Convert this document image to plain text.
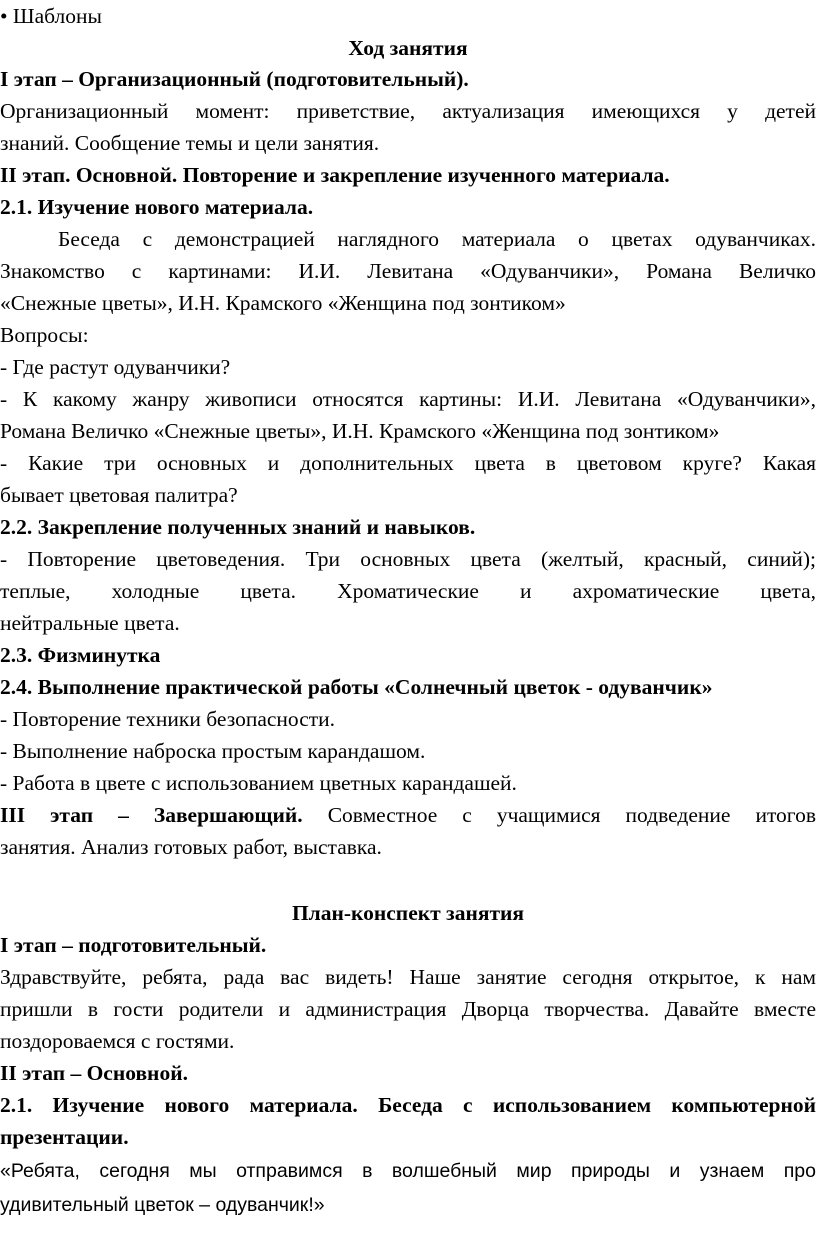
• Шаблоны
Ход занятия
I этап – Организационный (подготовительный).
Организационный момент: приветствие, актуализация имеющихся у детей
знаний. Сообщение темы и цели занятия.
II этап. Основной. Повторение и закрепление изученного материала.
2.1. Изучение нового материала.
Беседа с демонстрацией наглядного материала о цветах одуванчиках.
Знакомство с картинами: И.И. Левитана «Одуванчики», Романа Величко
«Снежные цветы», И.Н. Крамского «Женщина под зонтиком»
Вопросы:
- Где растут одуванчики?
- К какому жанру живописи относятся картины: И.И. Левитана «Одуванчики»,
Романа Величко «Снежные цветы», И.Н. Крамского «Женщина под зонтиком»
- Какие три основных и дополнительных цвета в цветовом круге? Какая
бывает цветовая палитра?
2.2. Закрепление полученных знаний и навыков.
- Повторение цветоведения. Три основных цвета (желтый, красный, синий);
теплые, холодные цвета. Хроматические и ахроматические цвета,
нейтральные цвета.
2.3. Физминутка
2.4. Выполнение практической работы «Солнечный цветок - одуванчик»
- Повторение техники безопасности.
- Выполнение наброска простым карандашом.
- Работа в цвете с использованием цветных карандашей.
III этап – Завершающий. Совместное с учащимися подведение итогов
занятия. Анализ готовых работ, выставка.
План-конспект занятия
I этап – подготовительный.
Здравствуйте, ребята, рада вас видеть! Наше занятие сегодня открытое, к нам
пришли в гости родители и администрация Дворца творчества. Давайте вместе
поздороваемся с гостями.
II этап – Основной.
2.1. Изучение нового материала. Беседа с использованием компьютерной
презентации.
«Ребята, сегодня мы отправимся в волшебный мир природы и узнаем про
удивительный цветок – одуванчик!»
